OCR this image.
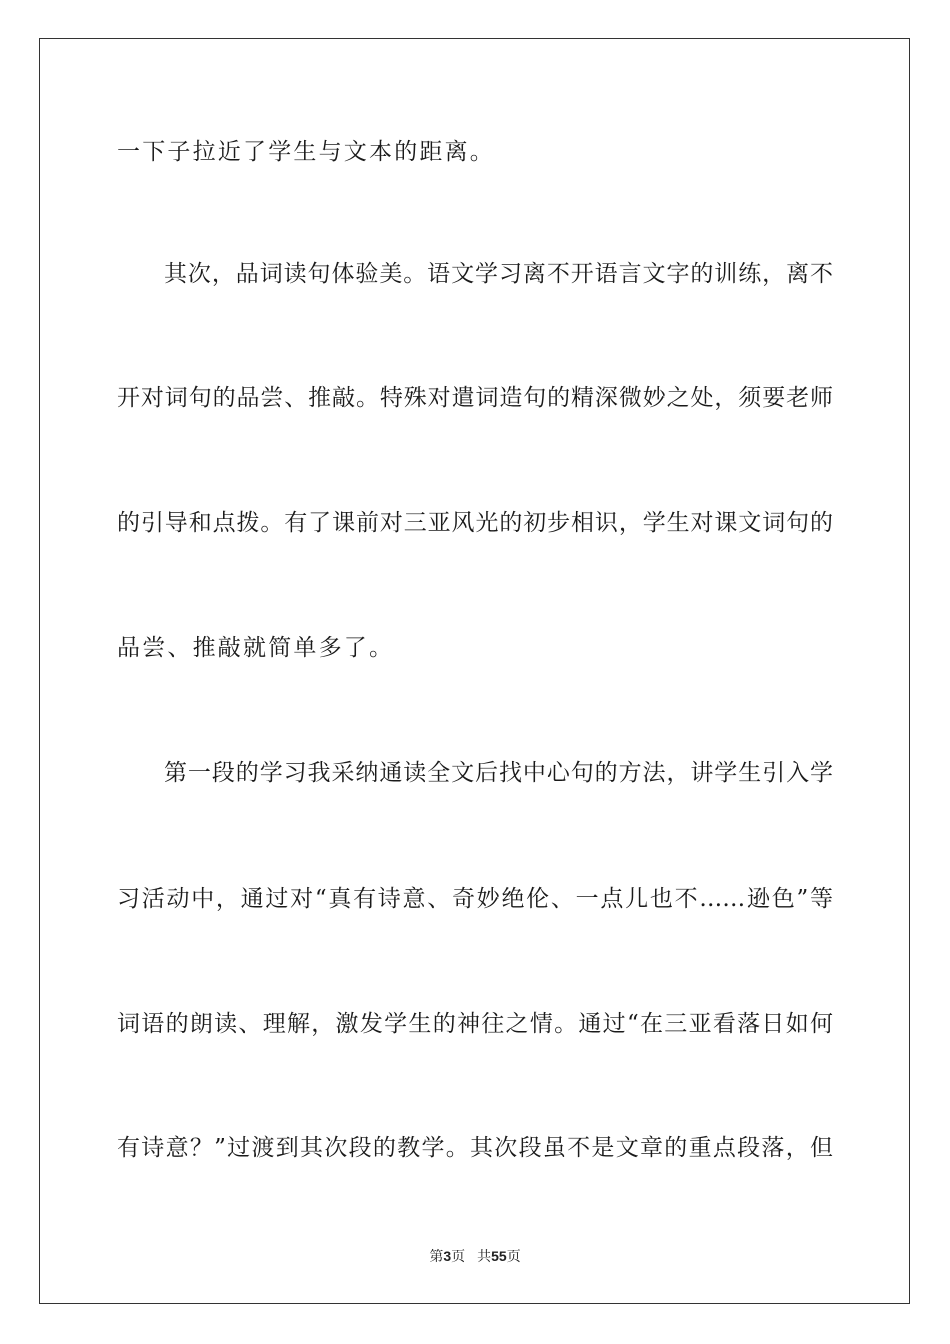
一下子拉近了学生与文本的距离。
其次，品词读句体验美。语文学习离不开语言文字的训练，离不
开对词句的品尝、推敲。特殊对遣词造句的精深微妙之处，须要老师
的引导和点拨。有了课前对三亚风光的初步相识，学生对课文词句的
品尝、推敲就简单多了。
第一段的学习我采纳通读全文后找中心句的方法，讲学生引入学
习活动中，通过对“真有诗意、奇妙绝伦、一点儿也不……逊色”等
词语的朗读、理解，激发学生的神往之情。通过“在三亚看落日如何
有诗意？”过渡到其次段的教学。其次段虽不是文章的重点段落，但
第3页 共55页
